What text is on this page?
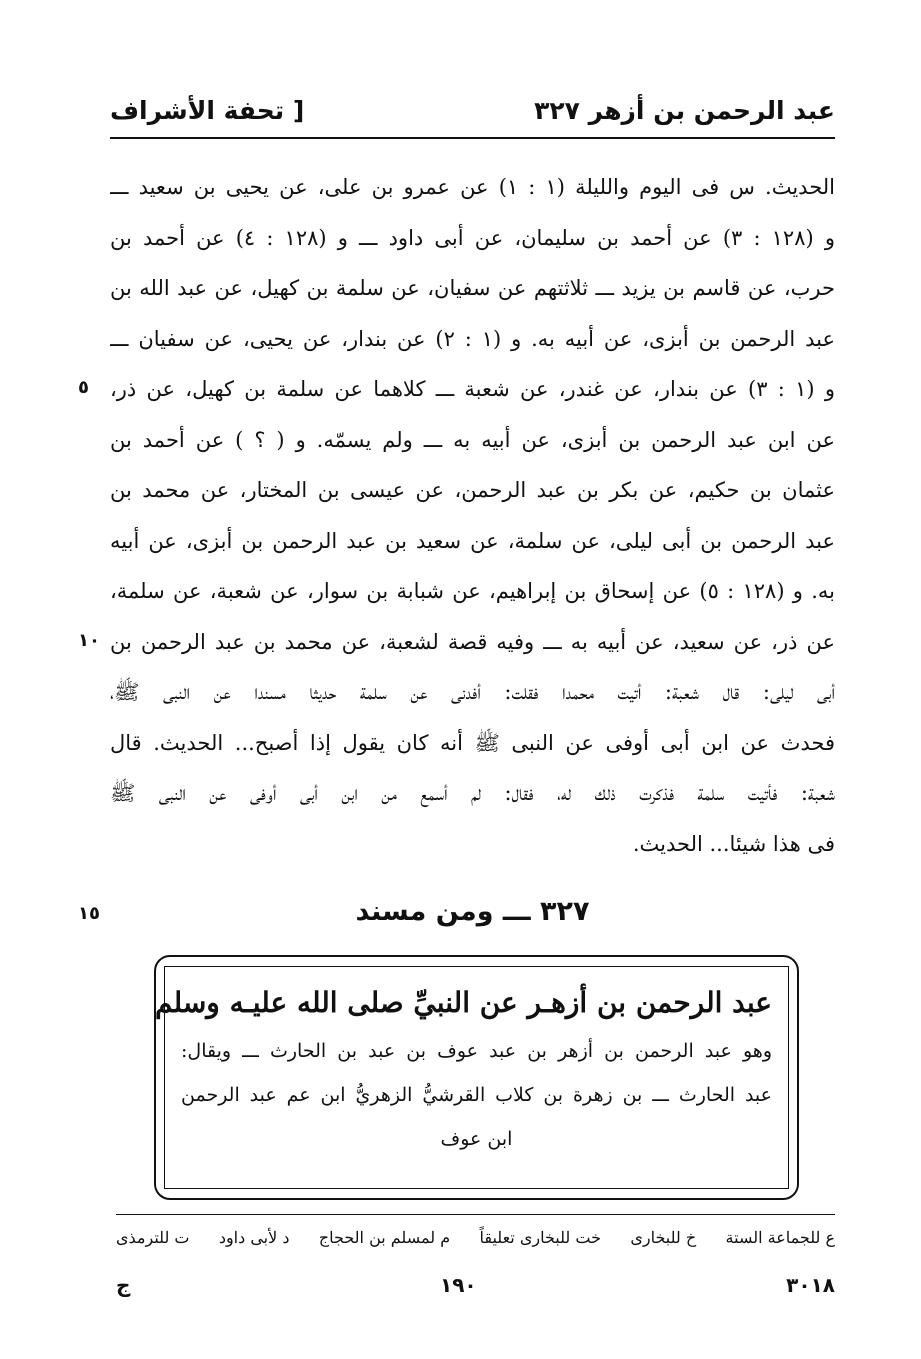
عبد الرحمن بن أزهر ٣٢٧
[ تحفة الأشراف
الحديث. س فى اليوم والليلة (١ : ١) عن عمرو بن على، عن يحيى بن سعيد ـــ
و (١٢٨ : ٣) عن أحمد بن سليمان، عن أبى داود ـــ و (١٢٨ : ٤) عن أحمد بن
حرب، عن قاسم بن يزيد ـــ ثلاثتهم عن سفيان، عن سلمة بن كهيل، عن عبد الله بن
عبد الرحمن بن أبزى، عن أبيه به. و (١ : ٢) عن بندار، عن يحيى، عن سفيان ـــ
و (١ : ٣) عن بندار، عن غندر، عن شعبة ـــ كلاهما عن سلمة بن كهيل، عن ذر،
عن ابن عبد الرحمن بن أبزى، عن أبيه به ـــ ولم يسمّه. و ( ؟ ) عن أحمد بن
عثمان بن حكيم، عن بكر بن عبد الرحمن، عن عيسى بن المختار، عن محمد بن
عبد الرحمن بن أبى ليلى، عن سلمة، عن سعيد بن عبد الرحمن بن أبزى، عن أبيه
به. و (١٢٨ : ٥) عن إسحاق بن إبراهيم، عن شبابة بن سوار، عن شعبة، عن سلمة،
عن ذر، عن سعيد، عن أبيه به ـــ وفيه قصة لشعبة، عن محمد بن عبد الرحمن بن
أبى ليلى: قال شعبة: أتيت محمدا فقلت: أفدنى عن سلمة حديثا مسندا عن النبى ﷺ،
فحدث عن ابن أبى أوفى عن النبى ﷺ أنه كان يقول إذا أصبح... الحديث. قال
شعبة: فأتيت سلمة فذكرت ذلك له، فقال: لم أسمع من ابن أبى أوفى عن النبى ﷺ
فى هذا شيئا... الحديث.
٥
١٠
١٥	٣٢٧ ـــ ومن مسند
عبد الرحمن بن أزهـر عن النبيِّ صلى الله عليـه وسلم
وهو عبد الرحمن بن أزهر بن عبد عوف بن عبد بن الحارث ـــ ويقال:
عبد الحارث ـــ بن زهرة بن كلاب القرشيُّ الزهريُّ ابن عم عبد الرحمن
ابن عوف
ع للجماعة الستة
خ للبخارى
خت للبخارى تعليقاً
م لمسلم بن الحجاج
د لأبى داود
ت للترمذى
٣٠١٨
١٩٠
ج
